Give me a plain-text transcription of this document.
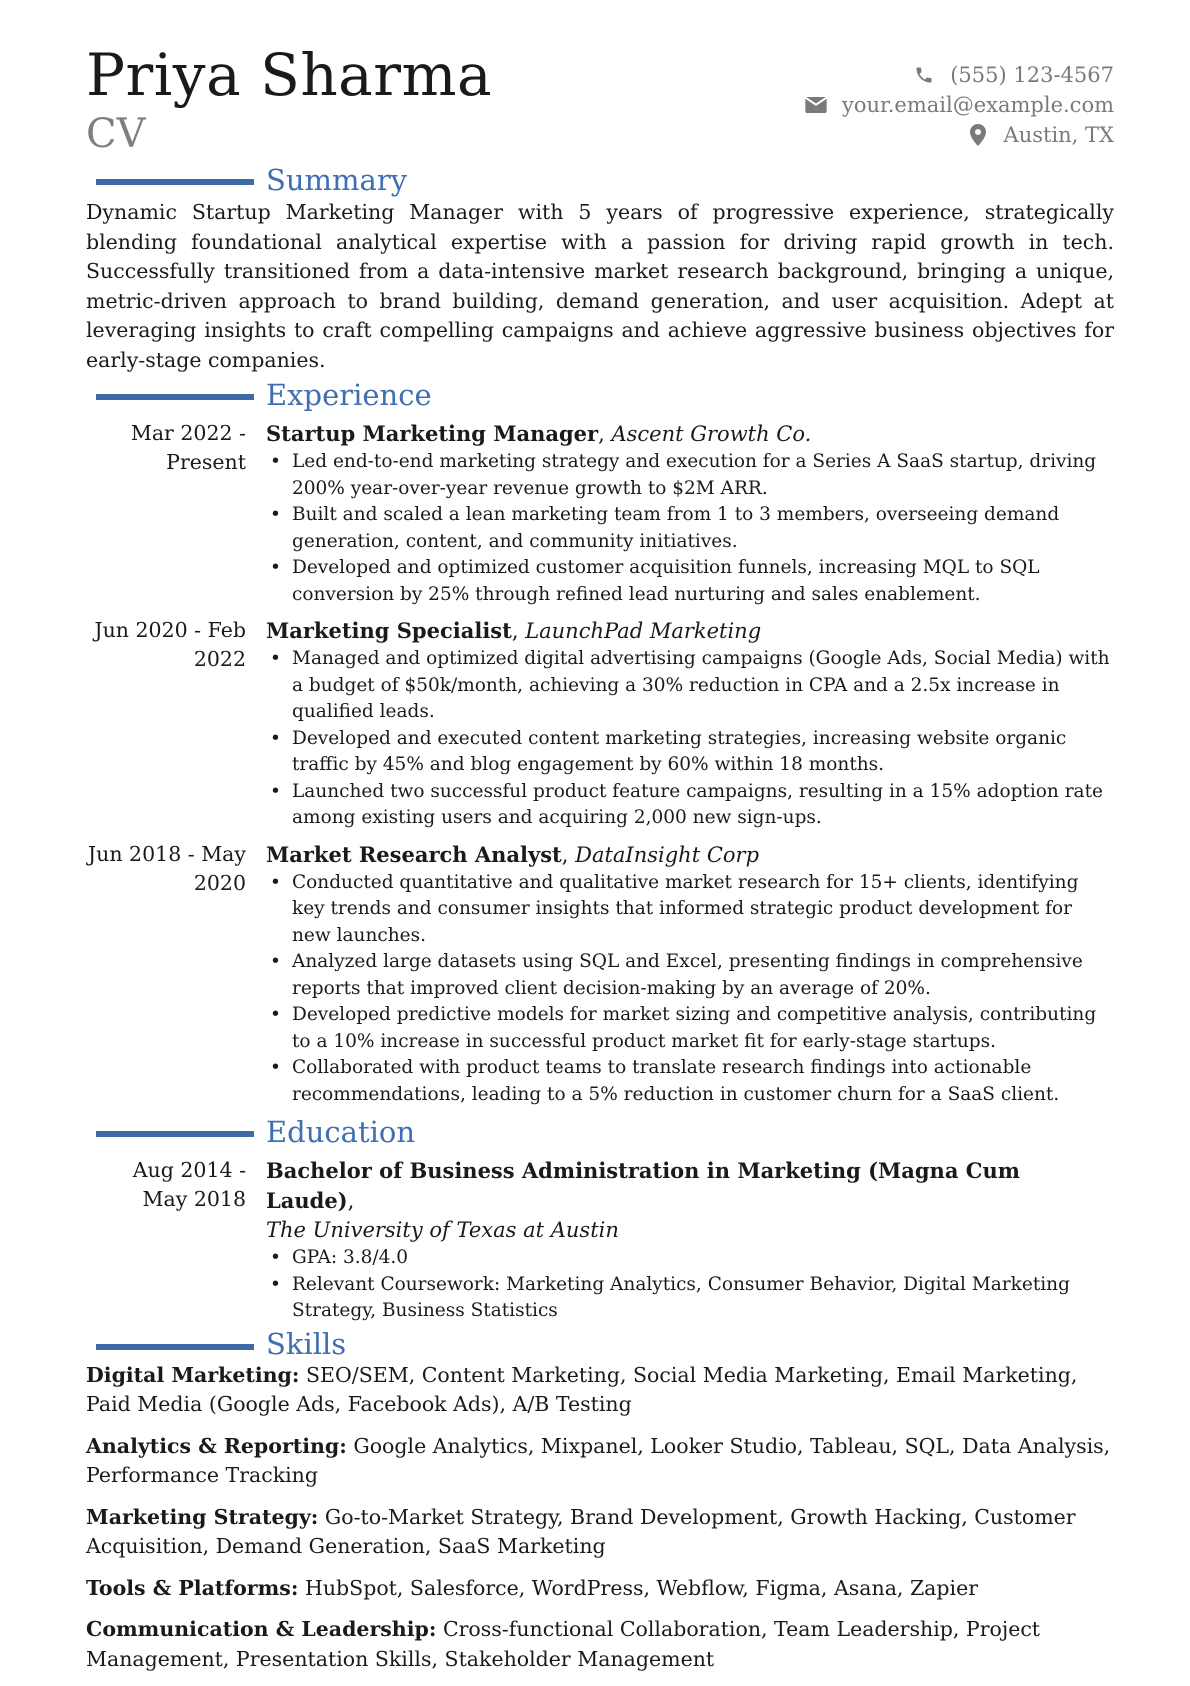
Priya Sharma
CV
(555) 123-4567
your.email@example.com
Austin, TX
Summary
Dynamic Startup Marketing Manager with 5 years of progressive experience, strategically blending foundational analytical expertise with a passion for driving rapid growth in tech. Successfully transitioned from a data-intensive market research background, bringing a unique, metric-driven approach to brand building, demand generation, and user acquisition. Adept at leveraging insights to craft compelling campaigns and achieve aggressive business objectives for early-stage companies.
Experience
Mar 2022 - Present
Startup Marketing Manager, Ascent Growth Co.
• Led end-to-end marketing strategy and execution for a Series A SaaS startup, driving 200% year-over-year revenue growth to $2M ARR.
• Built and scaled a lean marketing team from 1 to 3 members, overseeing demand generation, content, and community initiatives.
• Developed and optimized customer acquisition funnels, increasing MQL to SQL conversion by 25% through refined lead nurturing and sales enablement.
Jun 2020 - Feb 2022
Marketing Specialist, LaunchPad Marketing
• Managed and optimized digital advertising campaigns (Google Ads, Social Media) with a budget of $50k/month, achieving a 30% reduction in CPA and a 2.5x increase in qualified leads.
• Developed and executed content marketing strategies, increasing website organic traffic by 45% and blog engagement by 60% within 18 months.
• Launched two successful product feature campaigns, resulting in a 15% adoption rate among existing users and acquiring 2,000 new sign-ups.
Jun 2018 - May 2020
Market Research Analyst, DataInsight Corp
• Conducted quantitative and qualitative market research for 15+ clients, identifying key trends and consumer insights that informed strategic product development for new launches.
• Analyzed large datasets using SQL and Excel, presenting findings in comprehensive reports that improved client decision-making by an average of 20%.
• Developed predictive models for market sizing and competitive analysis, contributing to a 10% increase in successful product market fit for early-stage startups.
• Collaborated with product teams to translate research findings into actionable recommendations, leading to a 5% reduction in customer churn for a SaaS client.
Education
Aug 2014 - May 2018
Bachelor of Business Administration in Marketing (Magna Cum Laude),
The University of Texas at Austin
• GPA: 3.8/4.0
• Relevant Coursework: Marketing Analytics, Consumer Behavior, Digital Marketing Strategy, Business Statistics
Skills
Digital Marketing: SEO/SEM, Content Marketing, Social Media Marketing, Email Marketing, Paid Media (Google Ads, Facebook Ads), A/B Testing
Analytics & Reporting: Google Analytics, Mixpanel, Looker Studio, Tableau, SQL, Data Analysis, Performance Tracking
Marketing Strategy: Go-to-Market Strategy, Brand Development, Growth Hacking, Customer Acquisition, Demand Generation, SaaS Marketing
Tools & Platforms: HubSpot, Salesforce, WordPress, Webflow, Figma, Asana, Zapier
Communication & Leadership: Cross-functional Collaboration, Team Leadership, Project Management, Presentation Skills, Stakeholder Management
